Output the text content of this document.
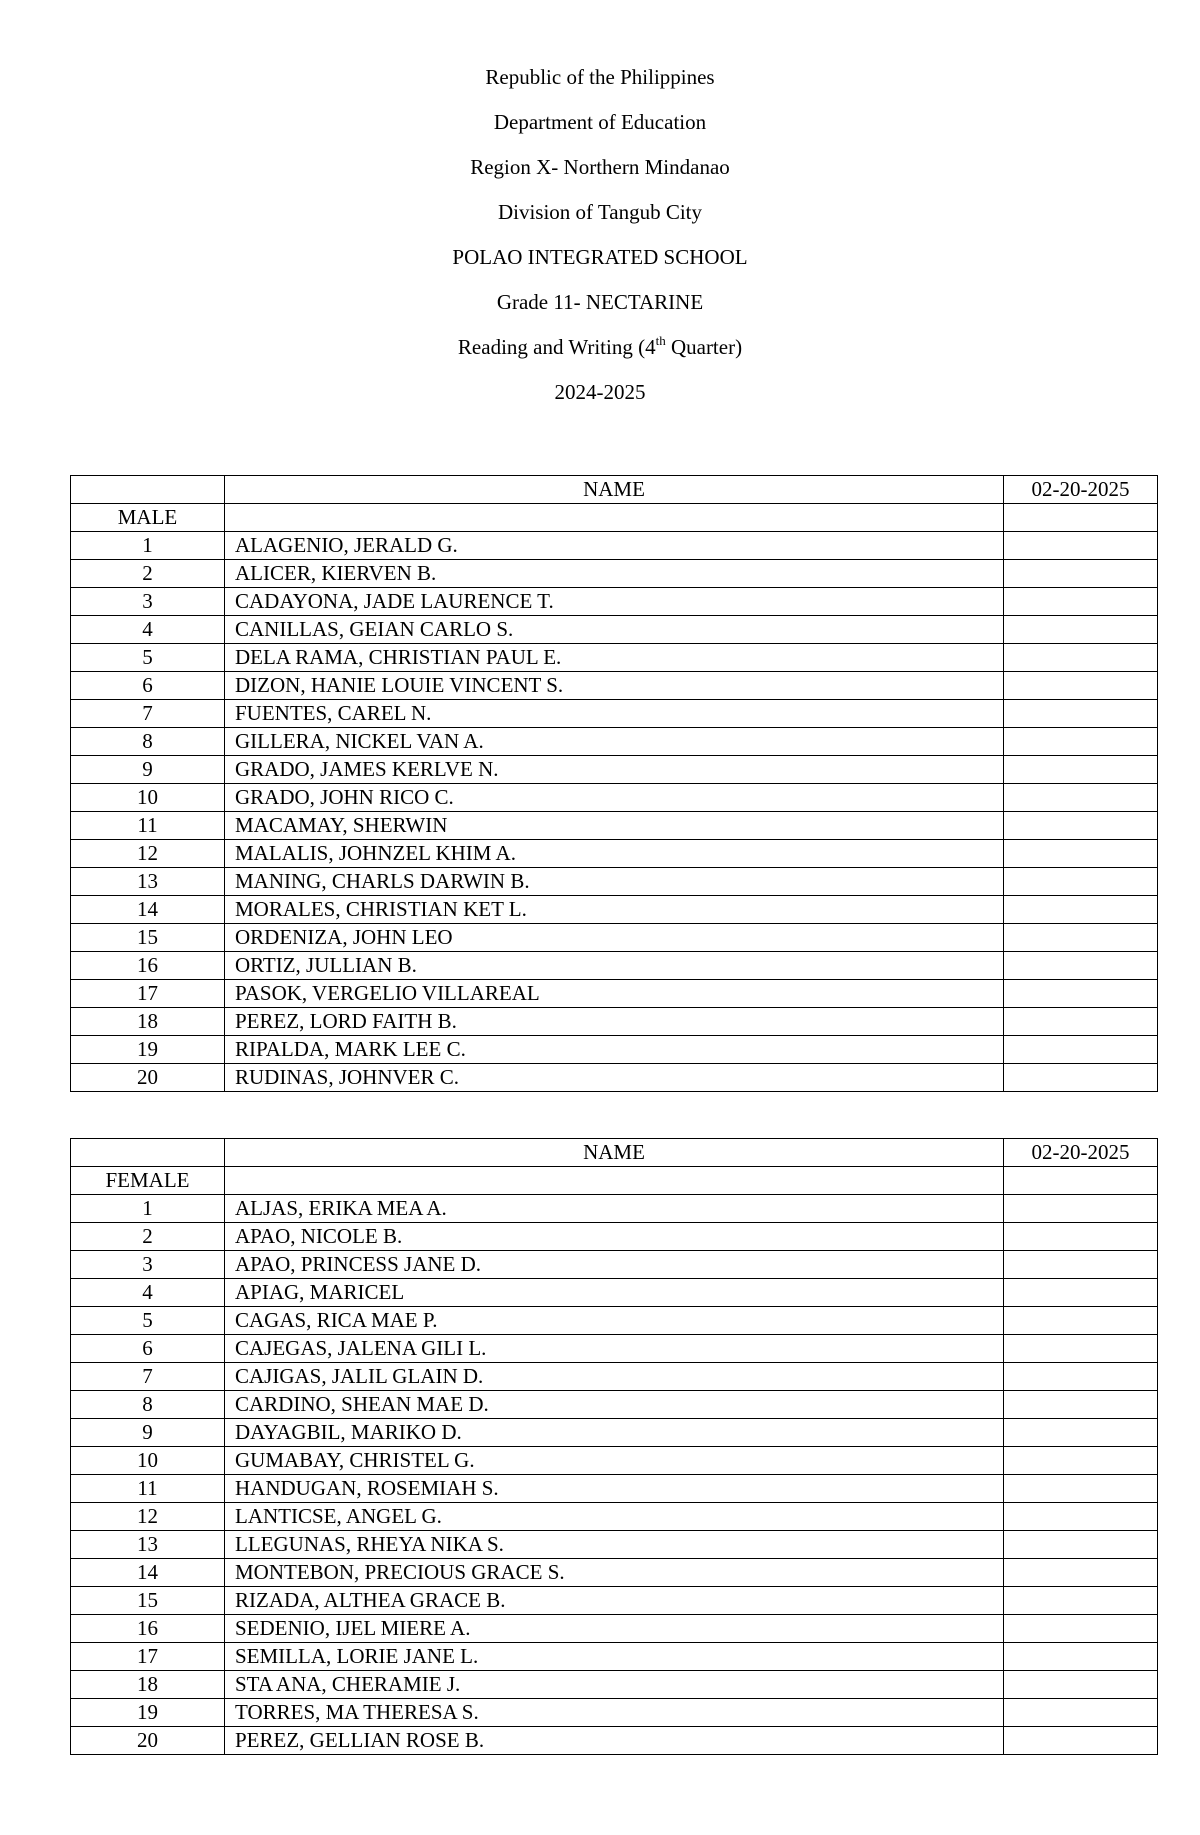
Republic of the Philippines
Department of Education
Region X- Northern Mindanao
Division of Tangub City
POLAO INTEGRATED SCHOOL
Grade 11- NECTARINE
Reading and Writing (4th Quarter)
2024-2025
	NAME	02-20-2025
MALE		
1	ALAGENIO, JERALD G.	
2	ALICER, KIERVEN B.	
3	CADAYONA, JADE LAURENCE T.	
4	CANILLAS, GEIAN CARLO S.	
5	DELA RAMA, CHRISTIAN PAUL E.	
6	DIZON, HANIE LOUIE VINCENT S.	
7	FUENTES, CAREL N.	
8	GILLERA, NICKEL VAN A.	
9	GRADO, JAMES KERLVE N.	
10	GRADO, JOHN RICO C.	
11	MACAMAY, SHERWIN	
12	MALALIS, JOHNZEL KHIM A.	
13	MANING, CHARLS DARWIN B.	
14	MORALES, CHRISTIAN KET L.	
15	ORDENIZA, JOHN LEO	
16	ORTIZ, JULLIAN B.	
17	PASOK, VERGELIO VILLAREAL	
18	PEREZ, LORD FAITH B.	
19	RIPALDA, MARK LEE C.	
20	RUDINAS, JOHNVER C.	
	NAME	02-20-2025
FEMALE		
1	ALJAS, ERIKA MEA A.	
2	APAO, NICOLE B.	
3	APAO, PRINCESS JANE D.	
4	APIAG, MARICEL	
5	CAGAS, RICA MAE P.	
6	CAJEGAS, JALENA GILI L.	
7	CAJIGAS, JALIL GLAIN D.	
8	CARDINO, SHEAN MAE D.	
9	DAYAGBIL, MARIKO D.	
10	GUMABAY, CHRISTEL G.	
11	HANDUGAN, ROSEMIAH S.	
12	LANTICSE, ANGEL G.	
13	LLEGUNAS, RHEYA NIKA S.	
14	MONTEBON, PRECIOUS GRACE S.	
15	RIZADA, ALTHEA GRACE B.	
16	SEDENIO, IJEL MIERE A.	
17	SEMILLA, LORIE JANE L.	
18	STA ANA, CHERAMIE J.	
19	TORRES, MA THERESA S.	
20	PEREZ, GELLIAN ROSE B.	
